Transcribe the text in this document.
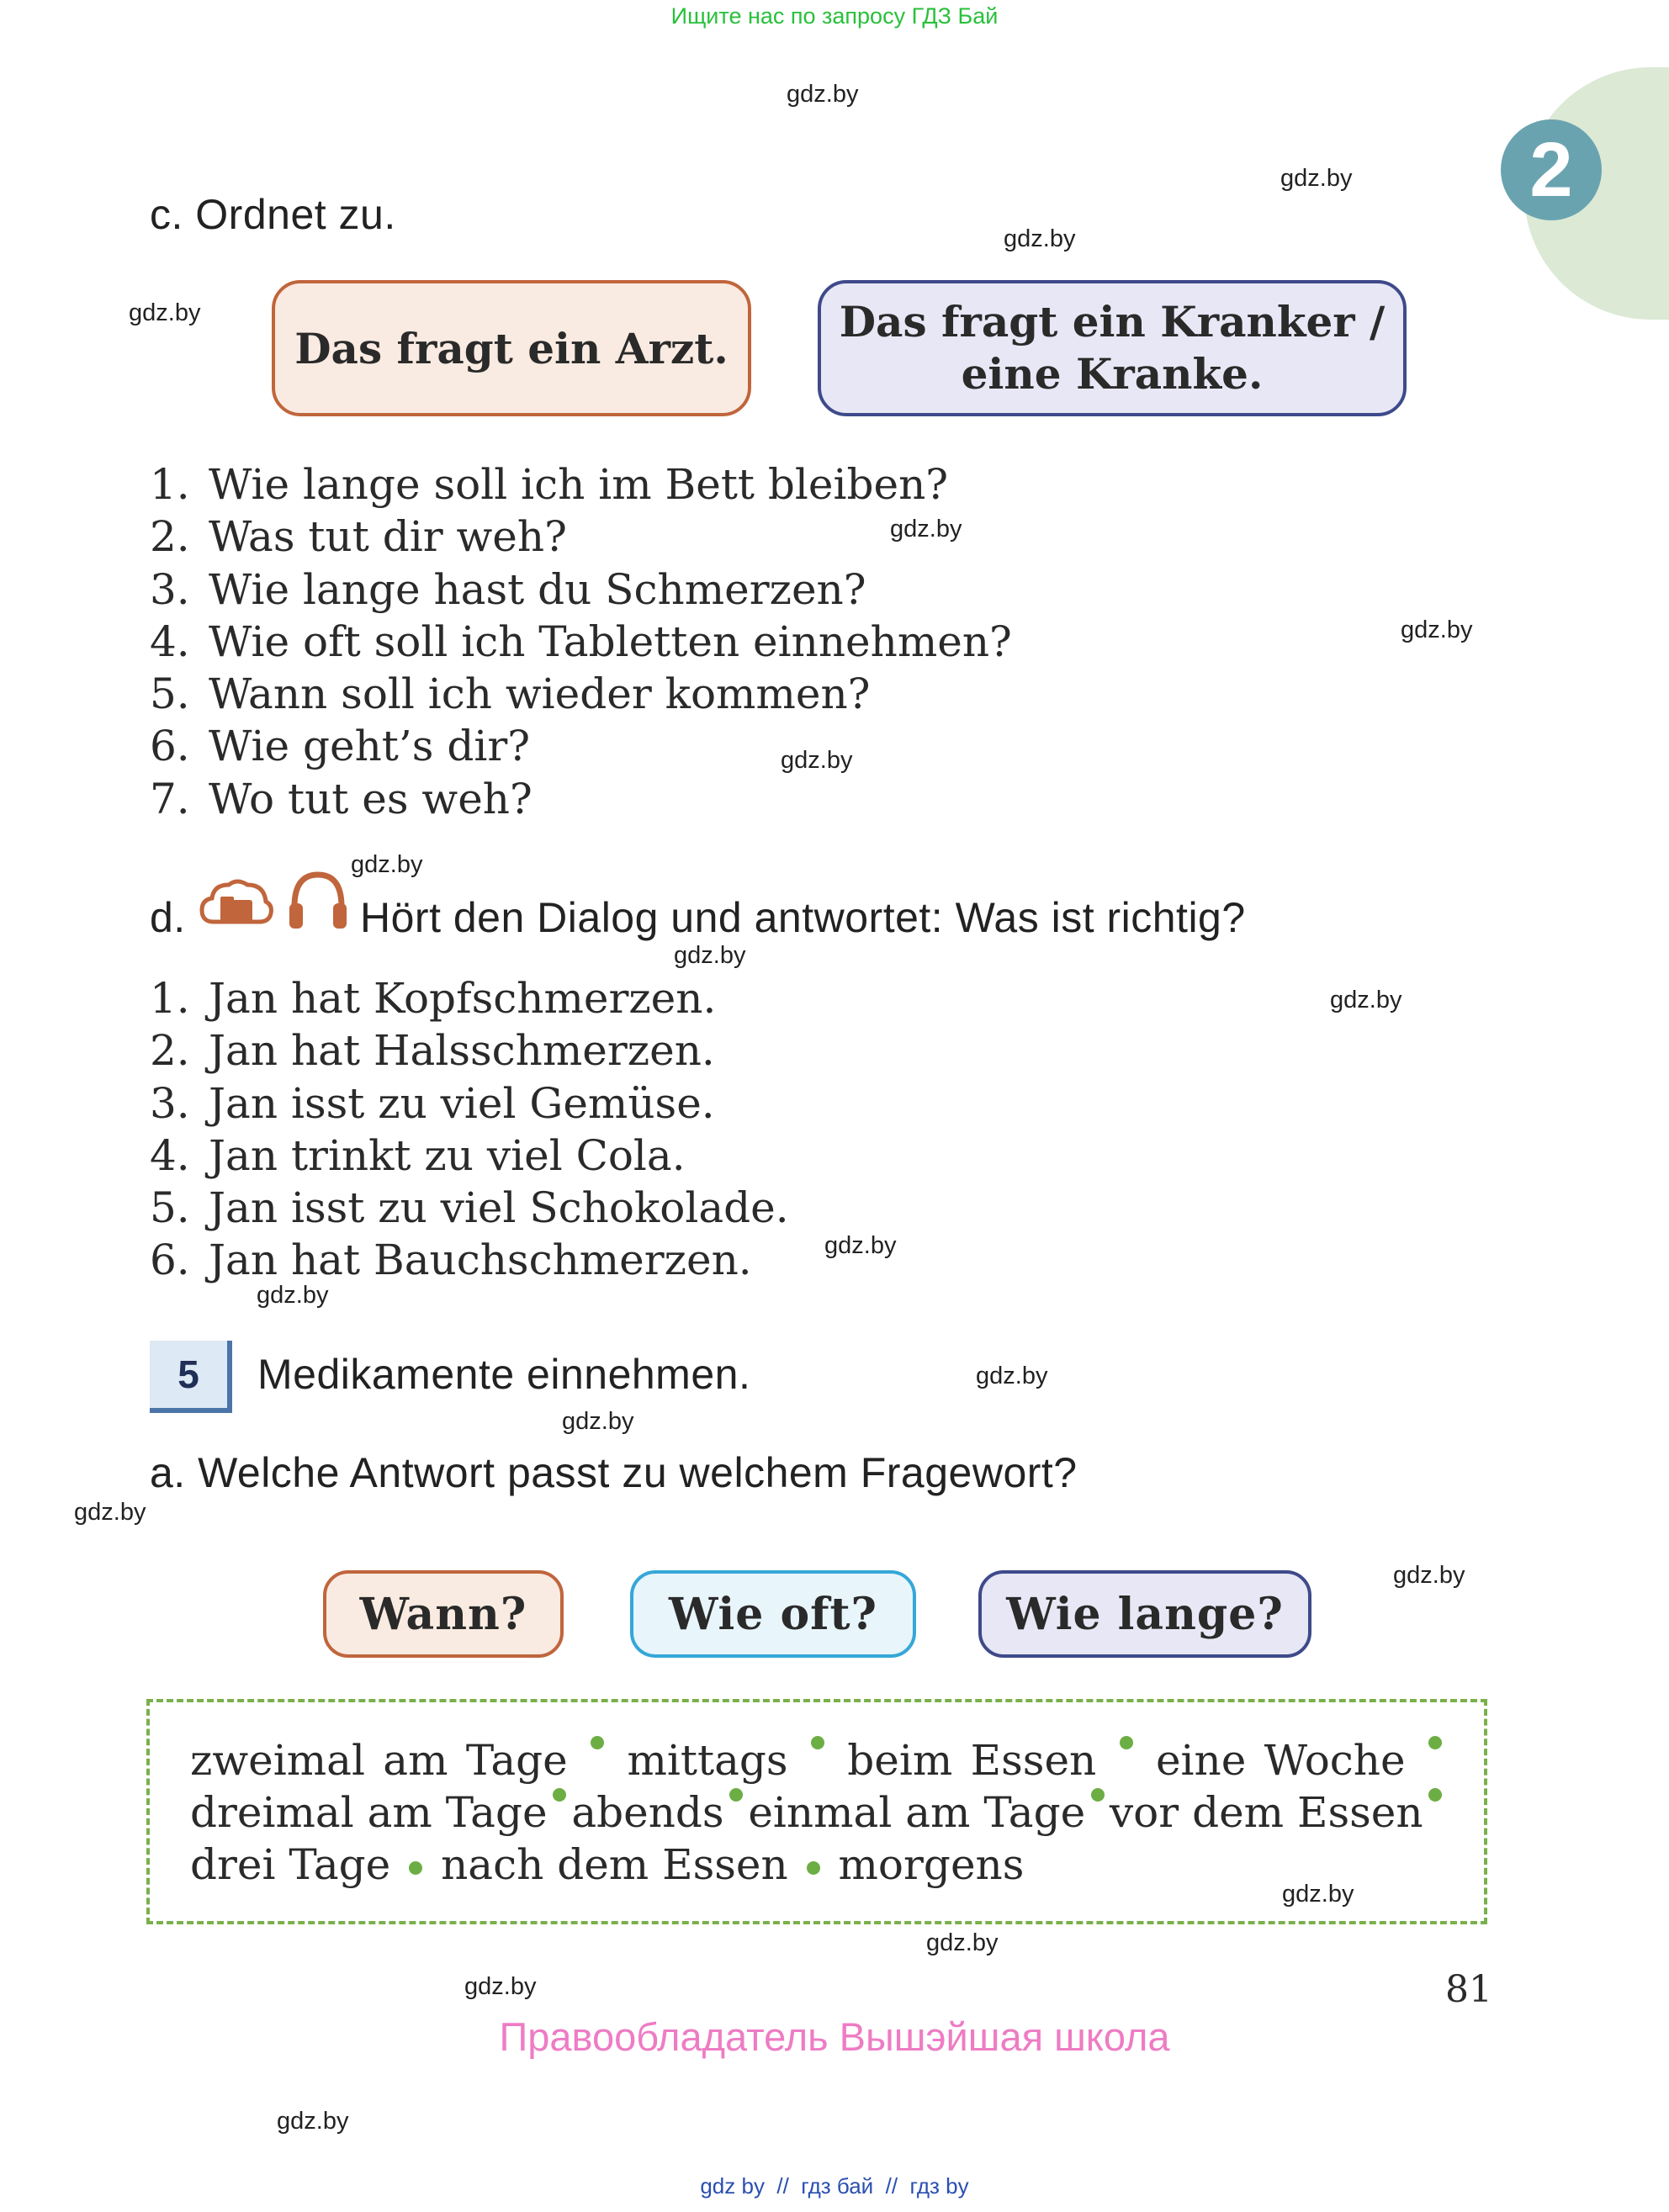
Ищите нас по запросу ГДЗ Бай
2
gdz.by
gdz.by
gdz.by
gdz.by
gdz.by
gdz.by
gdz.by
gdz.by
gdz.by
gdz.by
gdz.by
gdz.by
gdz.by
gdz.by
gdz.by
gdz.by
gdz.by
gdz.by
gdz.by
gdz.by
c. Ordnet zu.
Das fragt ein Arzt.
Das fragt ein Kranker /
eine Kranke.
1. Wie lange soll ich im Bett bleiben?
2. Was tut dir weh?
3. Wie lange hast du Schmerzen?
4. Wie oft soll ich Tabletten einnehmen?
5. Wann soll ich wieder kommen?
6. Wie geht’s dir?
7. Wo tut es weh?
d.	Hört den Dialog und antwortet: Was ist richtig?
1. Jan hat Kopfschmerzen.
2. Jan hat Halsschmerzen.
3. Jan isst zu viel Gemüse.
4. Jan trinkt zu viel Cola.
5. Jan isst zu viel Schokolade.
6. Jan hat Bauchschmerzen.
5	Medikamente einnehmen.
a. Welche Antwort passt zu welchem Fragewort?
Wann?	Wie oft?	Wie lange?
zweimal am Tage mittags beim Essen eine Woche
dreimal am Tage abends einmal am Tage vor dem Essen
drei Tage nach dem Essen morgens
81
Правообладатель Вышэйшая школа
gdz by  //  гдз бай  //  гдз by
